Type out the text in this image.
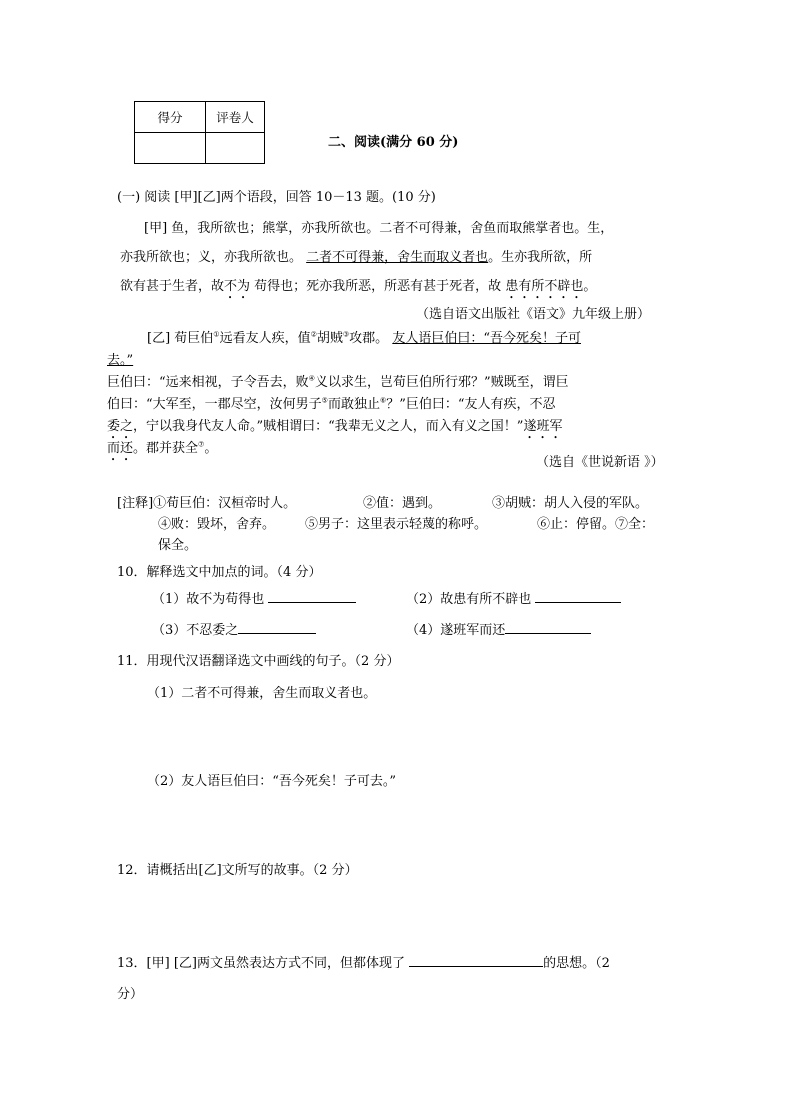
得分	评卷人

二、阅读(满分 60 分)
(一) 阅读 [甲][乙]两个语段，回答 10－13 题。(10 分)
[甲] 鱼，我所欲也；熊掌，亦我所欲也。二者不可得兼，舍鱼而取熊掌者也。生，
亦我所欲也；义，亦我所欲也。 二者不可得兼，舍生而取义者也。生亦我所欲，所
欲有甚于生者，故不为 苟得也；死亦我所恶，所恶有甚于死者，故 患有所不辟也。
（选自语文出版社《语文》九年级上册）
[乙] 荀巨伯①远看友人疾，值②胡贼③攻郡。 友人语巨伯曰：“吾今死矣！子可
去。”
巨伯曰：“远来相视，子令吾去，败④义以求生，岂荀巨伯所行邪？”贼既至，谓巨
伯曰：“大军至，一郡尽空，汝何男子⑤而敢独止⑥？”巨伯曰：“友人有疾，不忍
委之，宁以我身代友人命。”贼相谓曰：“我辈无义之人，而入有义之国！”遂班军
而还。郡并获全⑦。
（选自《世说新语 》）
[注释]①荀巨伯：汉桓帝时人。	②值：遇到。	③胡贼：胡人入侵的军队。
④败：毁坏，舍弃。 ⑤男子：这里表示轻蔑的称呼。	⑥止：停留。⑦全：
保全。
10．解释选文中加点的词。（4 分）
（1）故不为苟得也	（2）故患有所不辟也
（3）不忍委之	（4）遂班军而还
11．用现代汉语翻译选文中画线的句子。（2 分）
（1）二者不可得兼，舍生而取义者也。
（2）友人语巨伯曰：“吾今死矣！子可去。”
12．请概括出[乙]文所写的故事。（2 分）
13．[甲] [乙]两文虽然表达方式不同，但都体现了	的思想。（2
分）
